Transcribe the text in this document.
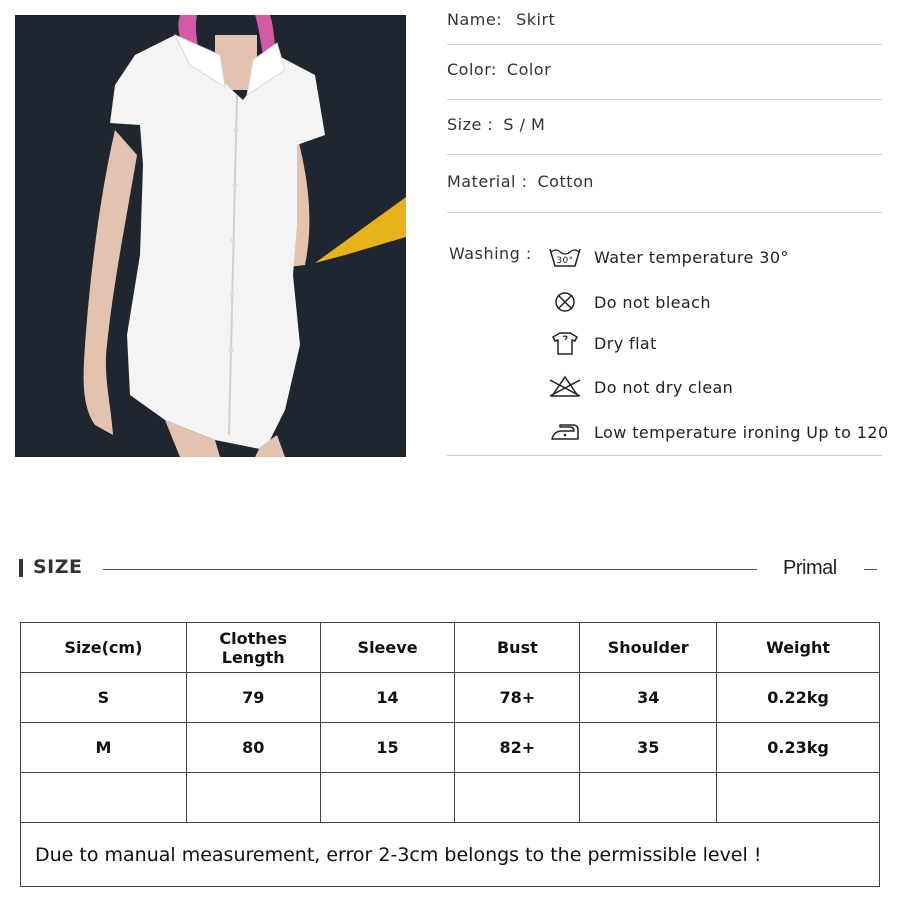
Name: Skirt
Color: Color
Size : S / M
Material : Cotton
Washing :	30° Water temperature 30°
Do not bleach
Dry flat
Do not dry clean
Low temperature ironing Up to 120
SIZE	Primal
Size(cm)	Clothes Length	Sleeve	Bust	Shoulder	Weight
S	79	14	78+	34	0.22kg
M	80	15	82+	35	0.23kg

Due to manual measurement, error 2-3cm belongs to the permissible level !					
